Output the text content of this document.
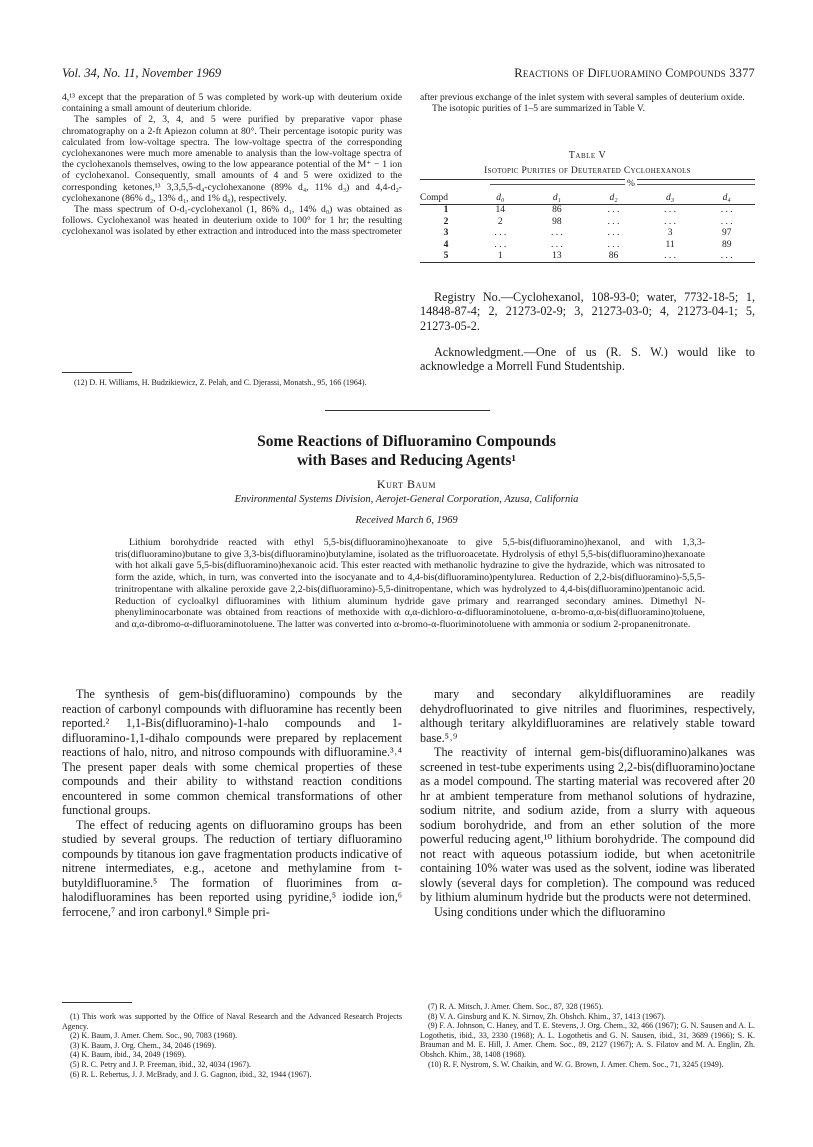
Vol. 34, No. 11, November 1969	Reactions of Difluoramino Compounds 3377

4,¹³ except that the preparation of 5 was completed by work-up with deuterium oxide containing a small amount of deuterium chloride.

The samples of 2, 3, 4, and 5 were purified by preparative vapor phase chromatography on a 2-ft Apiezon column at 80°. Their percentage isotopic purity was calculated from low-voltage spectra. The low-voltage spectra of the corresponding cyclohexanones were much more amenable to analysis than the low-voltage spectra of the cyclohexanols themselves, owing to the low appearance potential of the M⁺ − 1 ion of cyclohexanol. Consequently, small amounts of 4 and 5 were oxidized to the corresponding ketones,¹³ 3,3,5,5-d₄-cyclohexanone (89% d₄, 11% d₃) and 4,4-d₂-cyclohexanone (86% d₂, 13% d₁, and 1% d₀), respectively.

The mass spectrum of O-d₁-cyclohexanol (1, 86% d₁, 14% d₀) was obtained as follows. Cyclohexanol was heated in deuterium oxide to 100° for 1 hr; the resulting cyclohexanol was isolated by ether extraction and introduced into the mass spectrometer

(12) D. H. Williams, H. Budzikiewicz, Z. Pelah, and C. Djerassi, Monatsh., 95, 166 (1964).

after previous exchange of the inlet system with several samples of deuterium oxide.

The isotopic purities of 1–5 are summarized in Table V.

Table V
Isotopic Purities of Deuterated Cyclohexanols
%
Compd	d₀	d₁	d₂	d₃	d₄
1	14	86	. . .	. . .	. . .
2	2	98	. . .	. . .	. . .
3	. . .	. . .	. . .	3	97
4	. . .	. . .	. . .	11	89
5	1	13	86	. . .	. . .

Registry No.—Cyclohexanol, 108-93-0; water, 7732-18-5; 1, 14848-87-4; 2, 21273-02-9; 3, 21273-03-0; 4, 21273-04-1; 5, 21273-05-2.

Acknowledgment.—One of us (R. S. W.) would like to acknowledge a Morrell Fund Studentship.

Some Reactions of Difluoramino Compounds
with Bases and Reducing Agents¹
Kurt Baum
Environmental Systems Division, Aerojet-General Corporation, Azusa, California
Received March 6, 1969
Lithium borohydride reacted with ethyl 5,5-bis(difluoramino)hexanoate to give 5,5-bis(difluoramino)hexanol, and with 1,3,3-tris(difluoramino)butane to give 3,3-bis(difluoramino)butylamine, isolated as the trifluoroacetate. Hydrolysis of ethyl 5,5-bis(difluoramino)hexanoate with hot alkali gave 5,5-bis(difluoramino)hexanoic acid. This ester reacted with methanolic hydrazine to give the hydrazide, which was nitrosated to form the azide, which, in turn, was converted into the isocyanate and to 4,4-bis(difluoramino)pentylurea. Reduction of 2,2-bis(difluoramino)-5,5,5-trinitropentane with alkaline peroxide gave 2,2-bis(difluoramino)-5,5-dinitropentane, which was hydrolyzed to 4,4-bis(difluoramino)pentanoic acid. Reduction of cycloalkyl difluoramines with lithium aluminum hydride gave primary and rearranged secondary amines. Dimethyl N-phenyliminocarbonate was obtained from reactions of methoxide with α,α-dichloro-α-difluoraminotoluene, α-bromo-α,α-bis(difluoramino)toluene, and α,α-dibromo-α-difluoraminotoluene. The latter was converted into α-bromo-α-fluoriminotoluene with ammonia or sodium 2-propanenitronate.

The synthesis of gem-bis(difluoramino) compounds by the reaction of carbonyl compounds with difluoramine has recently been reported.² 1,1-Bis(difluoramino)-1-halo compounds and 1-difluoramino-1,1-dihalo compounds were prepared by replacement reactions of halo, nitro, and nitroso compounds with difluoramine.³˒⁴ The present paper deals with some chemical properties of these compounds and their ability to withstand reaction conditions encountered in some common chemical transformations of other functional groups.

The effect of reducing agents on difluoramino groups has been studied by several groups. The reduction of tertiary difluoramino compounds by titanous ion gave fragmentation products indicative of nitrene intermediates, e.g., acetone and methylamine from t-butyldifluoramine.⁵ The formation of fluorimines from α-halodifluoramines has been reported using pyridine,⁵ iodide ion,⁶ ferrocene,⁷ and iron carbonyl.⁸ Simple pri-

mary and secondary alkyldifluoramines are readily dehydrofluorinated to give nitriles and fluorimines, respectively, although teritary alkyldifluoramines are relatively stable toward base.⁵˒⁹

The reactivity of internal gem-bis(difluoramino)alkanes was screened in test-tube experiments using 2,2-bis(difluoramino)octane as a model compound. The starting material was recovered after 20 hr at ambient temperature from methanol solutions of hydrazine, sodium nitrite, and sodium azide, from a slurry with aqueous sodium borohydride, and from an ether solution of the more powerful reducing agent,¹⁰ lithium borohydride. The compound did not react with aqueous potassium iodide, but when acetonitrile containing 10% water was used as the solvent, iodine was liberated slowly (several days for completion). The compound was reduced by lithium aluminum hydride but the products were not determined.

Using conditions under which the difluoramino

(1) This work was supported by the Office of Naval Research and the Advanced Research Projects Agency.

(2) K. Baum, J. Amer. Chem. Soc., 90, 7083 (1968).

(3) K. Baum, J. Org. Chem., 34, 2046 (1969).

(4) K. Baum, ibid., 34, 2049 (1969).

(5) R. C. Petry and J. P. Freeman, ibid., 32, 4034 (1967).

(6) R. L. Rebertus, J. J. McBrady, and J. G. Gagnon, ibid., 32, 1944 (1967).

(7) R. A. Mitsch, J. Amer. Chem. Soc., 87, 328 (1965).

(8) V. A. Ginsburg and K. N. Sirnov, Zh. Obshch. Khim., 37, 1413 (1967).

(9) F. A. Johnson, C. Haney, and T. E. Stevens, J. Org. Chem., 32, 466 (1967); G. N. Sausen and A. L. Logothetis, ibid., 33, 2330 (1968); A. L. Logothetis and G. N. Sausen, ibid., 31, 3689 (1966); S. K. Brauman and M. E. Hill, J. Amer. Chem. Soc., 89, 2127 (1967); A. S. Filatov and M. A. Englin, Zh. Obshch. Khim., 38, 1408 (1968).

(10) R. F. Nystrom, S. W. Chaikin, and W. G. Brown, J. Amer. Chem. Soc., 71, 3245 (1949).
